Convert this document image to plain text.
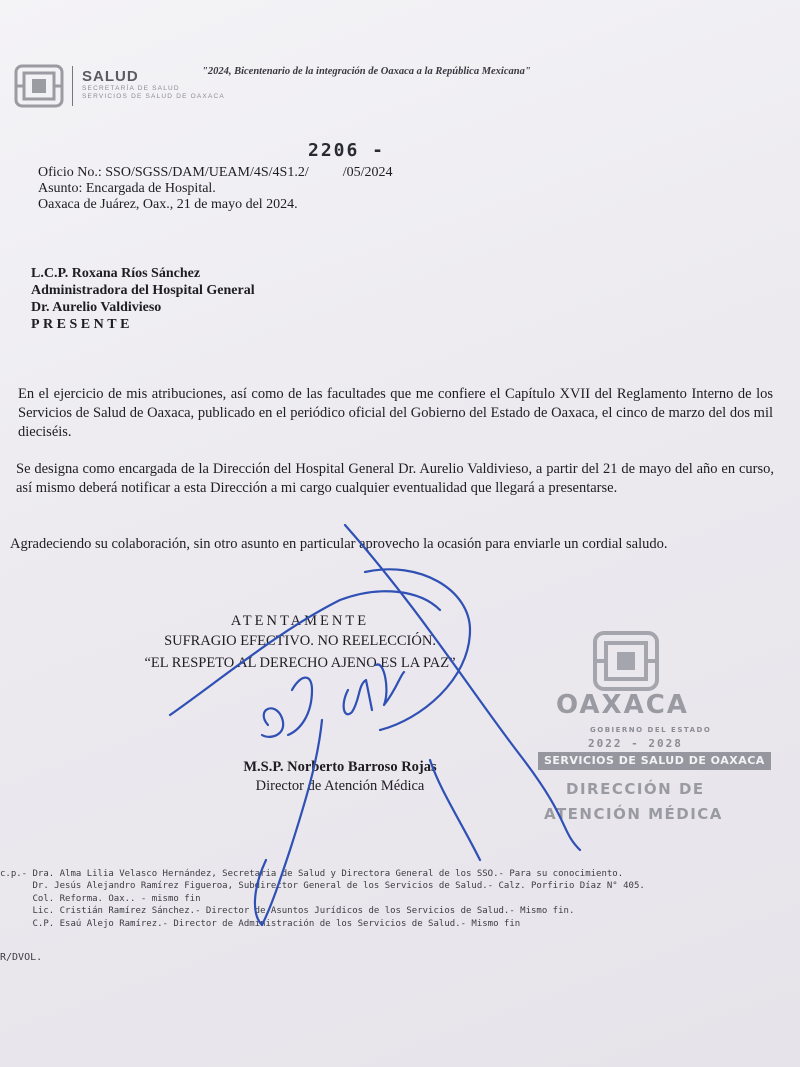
SALUD
SECRETARÍA DE SALUD
SERVICIOS DE SALUD DE OAXACA
"2024, Bicentenario de la integración de Oaxaca a la República Mexicana"
2206 -
Oficio No.: SSO/SGSS/DAM/UEAM/4S/4S1.2/ /05/2024
Asunto: Encargada de Hospital.
Oaxaca de Juárez, Oax., 21 de mayo del 2024.
L.C.P. Roxana Ríos Sánchez
Administradora del Hospital General
Dr. Aurelio Valdivieso
PRESENTE
En el ejercicio de mis atribuciones, así como de las facultades que me confiere el Capítulo XVII del Reglamento Interno de los Servicios de Salud de Oaxaca, publicado en el periódico oficial del Gobierno del Estado de Oaxaca, el cinco de marzo del dos mil dieciséis.
Se designa como encargada de la Dirección del Hospital General Dr. Aurelio Valdivieso, a partir del 21 de mayo del año en curso, así mismo deberá notificar a esta Dirección a mi cargo cualquier eventualidad que llegará a presentarse.
Agradeciendo su colaboración, sin otro asunto en particular aprovecho la ocasión para enviarle un cordial saludo.
ATENTAMENTE
SUFRAGIO EFECTIVO. NO REELECCIÓN.
“EL RESPETO AL DERECHO AJENO ES LA PAZ”
OAXACA
GOBIERNO DEL ESTADO
2022 - 2028
SERVICIOS DE SALUD DE OAXACA
DIRECCIÓN DE
ATENCIÓN MÉDICA
M.S.P. Norberto Barroso Rojas
Director de Atención Médica
c.p.- Dra. Alma Lilia Velasco Hernández, Secretaria de Salud y Directora General de los SSO.- Para su conocimiento.
Dr. Jesús Alejandro Ramírez Figueroa, Subdirector General de los Servicios de Salud.- Calz. Porfirio Díaz N° 405.
Col. Reforma. Oax.. - mismo fin
Lic. Cristián Ramírez Sánchez.- Director de Asuntos Jurídicos de los Servicios de Salud.- Mismo fin.
C.P. Esaú Alejo Ramírez.- Director de Administración de los Servicios de Salud.- Mismo fin
R/DVOL.
